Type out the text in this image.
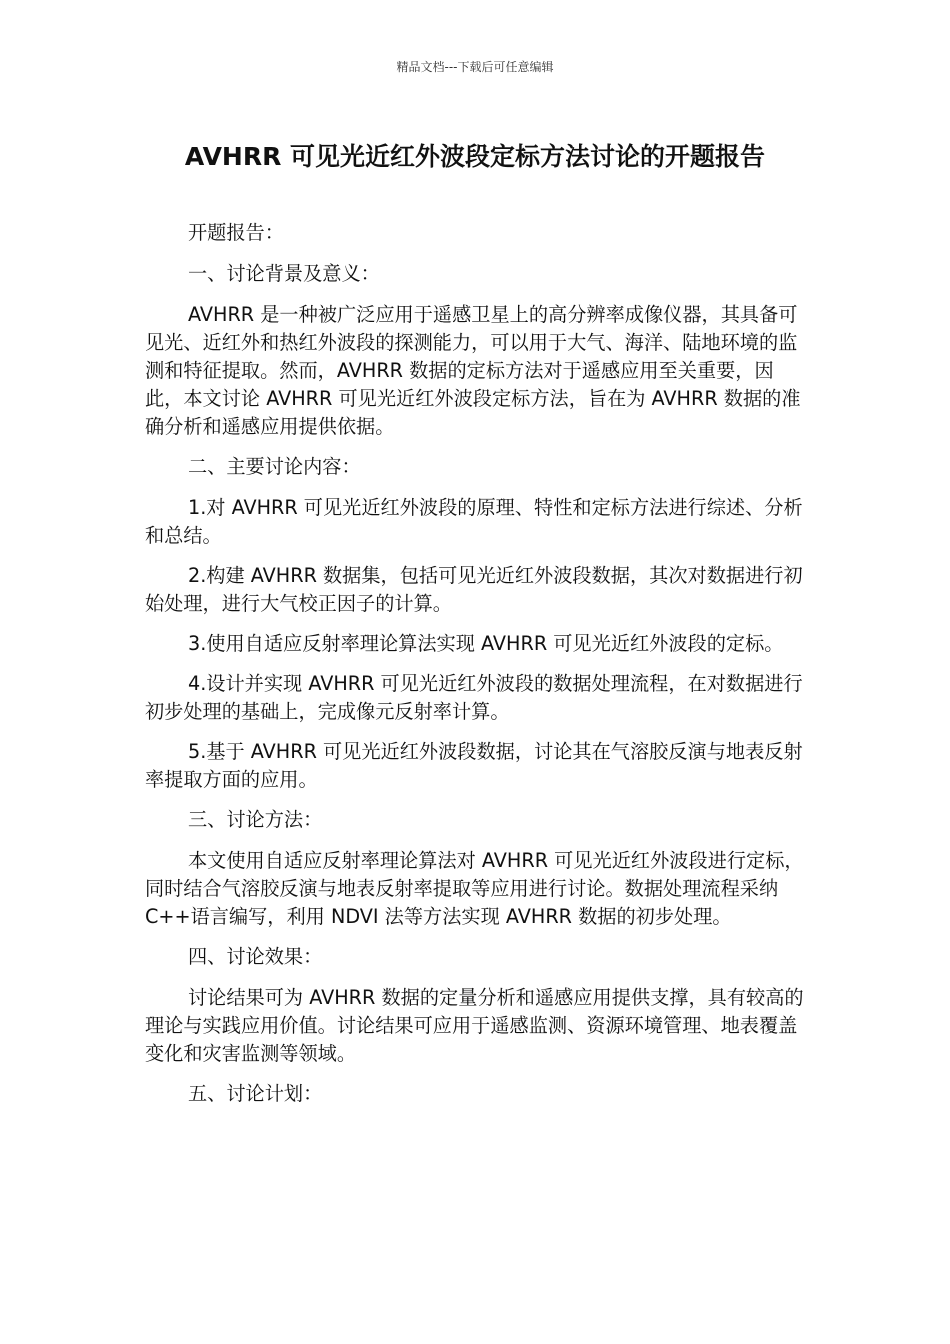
精品文档---下载后可任意编辑
AVHRR 可见光近红外波段定标方法讨论的开题报告

开题报告：

一、讨论背景及意义：

AVHRR 是一种被广泛应用于遥感卫星上的高分辨率成像仪器，其具备可见光、近红外和热红外波段的探测能力，可以用于大气、海洋、陆地环境的监测和特征提取。然而，AVHRR 数据的定标方法对于遥感应用至关重要，因此，本文讨论 AVHRR 可见光近红外波段定标方法，旨在为 AVHRR 数据的准确分析和遥感应用提供依据。

二、主要讨论内容：

1.对 AVHRR 可见光近红外波段的原理、特性和定标方法进行综述、分析和总结。

2.构建 AVHRR 数据集，包括可见光近红外波段数据，其次对数据进行初始处理，进行大气校正因子的计算。

3.使用自适应反射率理论算法实现 AVHRR 可见光近红外波段的定标。

4.设计并实现 AVHRR 可见光近红外波段的数据处理流程，在对数据进行初步处理的基础上，完成像元反射率计算。

5.基于 AVHRR 可见光近红外波段数据，讨论其在气溶胶反演与地表反射率提取方面的应用。

三、讨论方法：

本文使用自适应反射率理论算法对 AVHRR 可见光近红外波段进行定标，同时结合气溶胶反演与地表反射率提取等应用进行讨论。数据处理流程采纳 C++语言编写，利用 NDVI 法等方法实现 AVHRR 数据的初步处理。

四、讨论效果：

讨论结果可为 AVHRR 数据的定量分析和遥感应用提供支撑，具有较高的理论与实践应用价值。讨论结果可应用于遥感监测、资源环境管理、地表覆盖变化和灾害监测等领域。

五、讨论计划：
